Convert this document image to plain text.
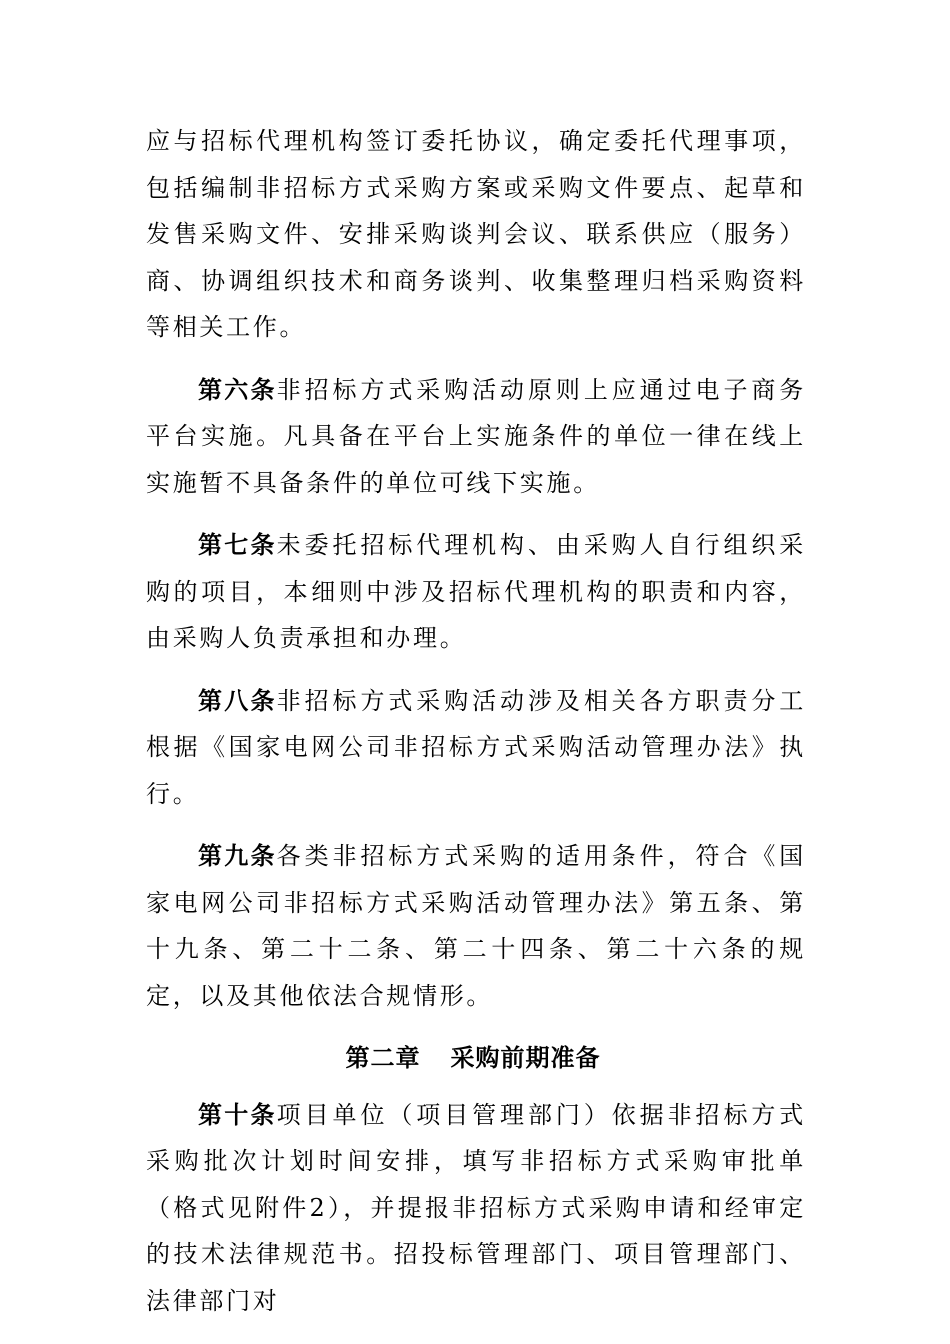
应与招标代理机构签订委托协议，确定委托代理事项，包括编制非招标方式采购方案或采购文件要点、起草和发售采购文件、安排采购谈判会议、联系供应（服务）商、协调组织技术和商务谈判、收集整理归档采购资料等相关工作。

第六条非招标方式采购活动原则上应通过电子商务平台实施。凡具备在平台上实施条件的单位一律在线上实施暂不具备条件的单位可线下实施。

第七条未委托招标代理机构、由采购人自行组织采购的项目，本细则中涉及招标代理机构的职责和内容，由采购人负责承担和办理。

第八条非招标方式采购活动涉及相关各方职责分工根据《国家电网公司非招标方式采购活动管理办法》执行。

第九条各类非招标方式采购的适用条件，符合《国家电网公司非招标方式采购活动管理办法》第五条、第十九条、第二十二条、第二十四条、第二十六条的规定，以及其他依法合规情形。

第二章 采购前期准备

第十条项目单位（项目管理部门）依据非招标方式采购批次计划时间安排，填写非招标方式采购审批单（格式见附件2），并提报非招标方式采购申请和经审定的技术法律规范书。招投标管理部门、项目管理部门、法律部门对
